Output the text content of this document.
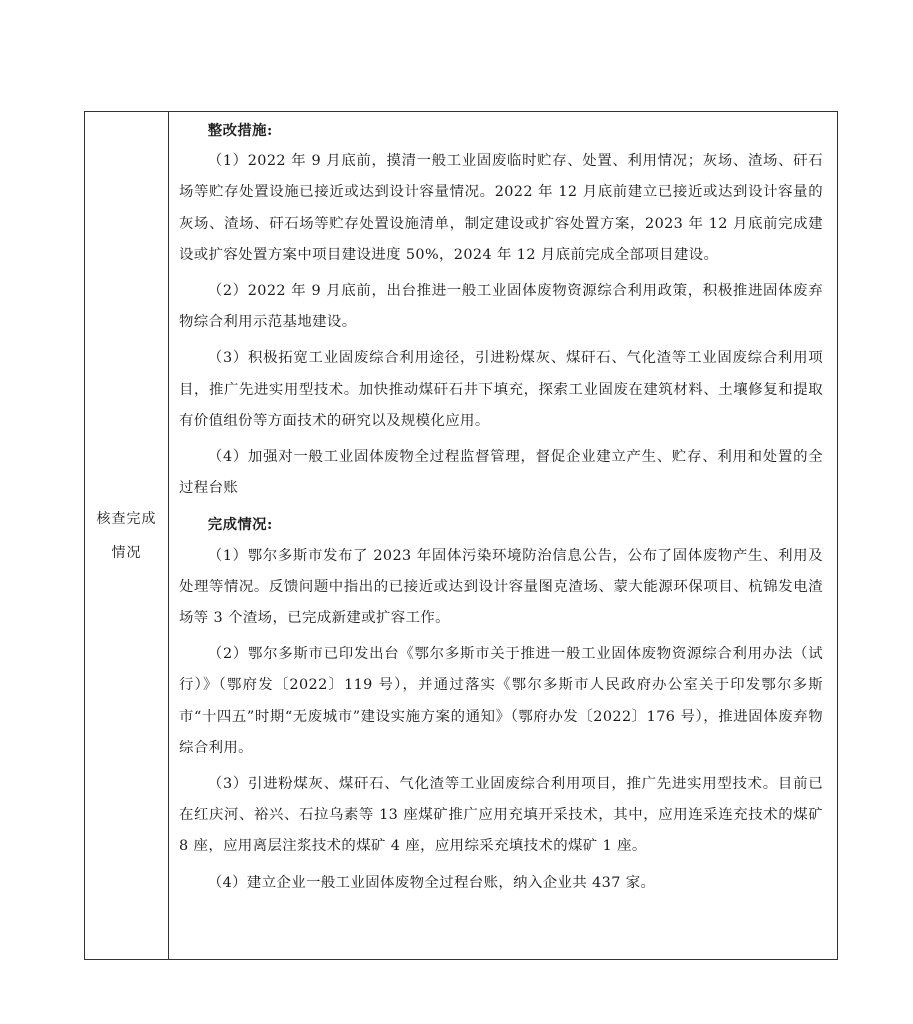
核查完成
情况
整改措施:

（1）2022 年 9 月底前，摸清一般工业固废临时贮存、处置、利用情况；灰场、渣场、矸石场等贮存处置设施已接近或达到设计容量情况。2022 年 12 月底前建立已接近或达到设计容量的灰场、渣场、矸石场等贮存处置设施清单，制定建设或扩容处置方案，2023 年 12 月底前完成建设或扩容处置方案中项目建设进度 50%，2024 年 12 月底前完成全部项目建设。

（2）2022 年 9 月底前，出台推进一般工业固体废物资源综合利用政策，积极推进固体废弃物综合利用示范基地建设。

（3）积极拓宽工业固废综合利用途径，引进粉煤灰、煤矸石、气化渣等工业固废综合利用项目，推广先进实用型技术。加快推动煤矸石井下填充，探索工业固废在建筑材料、土壤修复和提取有价值组份等方面技术的研究以及规模化应用。

（4）加强对一般工业固体废物全过程监督管理，督促企业建立产生、贮存、利用和处置的全过程台账

完成情况:

（1）鄂尔多斯市发布了 2023 年固体污染环境防治信息公告，公布了固体废物产生、利用及处理等情况。反馈问题中指出的已接近或达到设计容量图克渣场、蒙大能源环保项目、杭锦发电渣场等 3 个渣场，已完成新建或扩容工作。

（2）鄂尔多斯市已印发出台《鄂尔多斯市关于推进一般工业固体废物资源综合利用办法（试行）》（鄂府发〔2022〕119 号），并通过落实《鄂尔多斯市人民政府办公室关于印发鄂尔多斯市“十四五”时期“无废城市”建设实施方案的通知》（鄂府办发〔2022〕176 号），推进固体废弃物综合利用。

（3）引进粉煤灰、煤矸石、气化渣等工业固废综合利用项目，推广先进实用型技术。目前已在红庆河、裕兴、石拉乌素等 13 座煤矿推广应用充填开采技术，其中，应用连采连充技术的煤矿 8 座，应用离层注浆技术的煤矿 4 座，应用综采充填技术的煤矿 1 座。

（4）建立企业一般工业固体废物全过程台账，纳入企业共 437 家。
